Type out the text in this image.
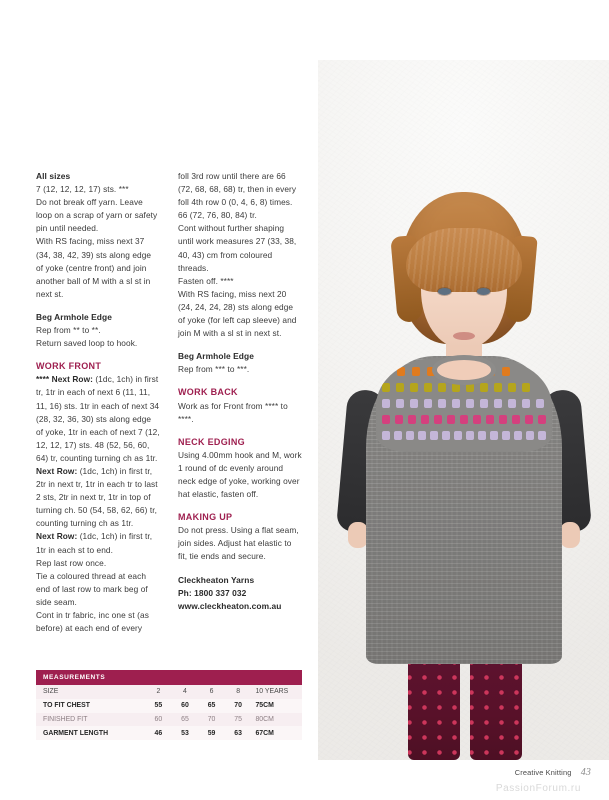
All sizes

7 (12, 12, 12, 17) sts. ***

Do not break off yarn. Leave loop on a scrap of yarn or safety pin until needed.

With RS facing, miss next 37 (34, 38, 42, 39) sts along edge of yoke (centre front) and join another ball of M with a sl st in next st.

Beg Armhole Edge

Rep from ** to **.

Return saved loop to hook.

WORK FRONT

**** Next Row: (1dc, 1ch) in first tr, 1tr in each of next 6 (11, 11, 11, 16) sts. 1tr in each of next 34 (28, 32, 36, 30) sts along edge of yoke, 1tr in each of next 7 (12, 12, 12, 17) sts. 48 (52, 56, 60, 64) tr, counting turning ch as 1tr.

Next Row: (1dc, 1ch) in first tr, 2tr in next tr, 1tr in each tr to last 2 sts, 2tr in next tr, 1tr in top of turning ch. 50 (54, 58, 62, 66) tr, counting turning ch as 1tr.

Next Row: (1dc, 1ch) in first tr, 1tr in each st to end.

Rep last row once.

Tie a coloured thread at each end of last row to mark beg of side seam.

Cont in tr fabric, inc one st (as before) at each end of every

foll 3rd row until there are 66 (72, 68, 68, 68) tr, then in every foll 4th row 0 (0, 4, 6, 8) times. 66 (72, 76, 80, 84) tr.

Cont without further shaping until work measures 27 (33, 38, 40, 43) cm from coloured threads.

Fasten off. ****

With RS facing, miss next 20 (24, 24, 24, 28) sts along edge of yoke (for left cap sleeve) and join M with a sl st in next st.

Beg Armhole Edge

Rep from *** to ***.

WORK BACK

Work as for Front from **** to ****.

NECK EDGING

Using 4.00mm hook and M, work 1 round of dc evenly around neck edge of yoke, working over hat elastic, fasten off.

MAKING UP

Do not press. Using a flat seam, join sides. Adjust hat elastic to fit, tie ends and secure.

Cleckheaton Yarns

Ph: 1800 337 032

www.cleckheaton.com.au

MEASUREMENTS
SIZE	2	4	6	8	10 YEARS
TO FIT CHEST	55	60	65	70	75CM
FINISHED FIT	60	65	70	75	80CM
GARMENT LENGTH	46	53	59	63	67CM
Creative Knitting 43
PassionForum.ru
